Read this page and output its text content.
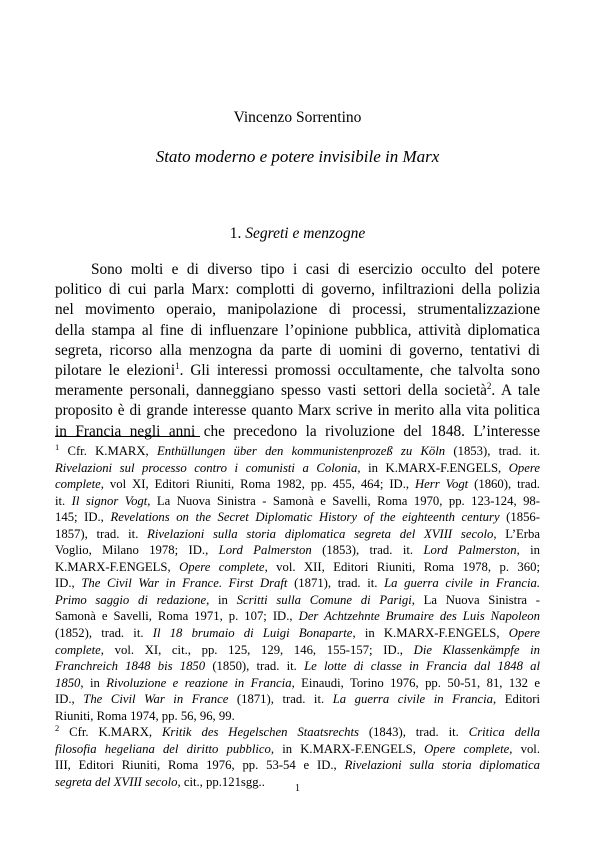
Vincenzo Sorrentino
Stato moderno e potere invisibile in Marx
1. Segreti e menzogne
Sono molti e di diverso tipo i casi di esercizio occulto del potere
politico di cui parla Marx: complotti di governo, infiltrazioni della polizia
nel movimento operaio, manipolazione di processi, strumentalizzazione
della stampa al fine di influenzare l’opinione pubblica, attività diplomatica
segreta, ricorso alla menzogna da parte di uomini di governo, tentativi di
pilotare le elezioni$^1$. Gli interessi promossi occultamente, che talvolta sono
meramente personali, danneggiano spesso vasti settori della società$^2$. A tale
proposito è di grande interesse quanto Marx scrive in merito alla vita politica
in Francia negli anni che precedono la rivoluzione del 1848. L’interesse
$^1$ Cfr. K.MARX, Enthüllungen über den kommunistenprozeß zu Köln (1853), trad. it.
Rivelazioni sul processo contro i comunisti a Colonia, in K.MARX-F.ENGELS, Opere
complete, vol XI, Editori Riuniti, Roma 1982, pp. 455, 464; ID., Herr Vogt (1860), trad.
it. Il signor Vogt, La Nuova Sinistra - Samonà e Savelli, Roma 1970, pp. 123-124, 98-
145; ID., Revelations on the Secret Diplomatic History of the eighteenth century (1856-
1857), trad. it. Rivelazioni sulla storia diplomatica segreta del XVIII secolo, L’Erba
Voglio, Milano 1978; ID., Lord Palmerston (1853), trad. it. Lord Palmerston, in
K.MARX-F.ENGELS, Opere complete, vol. XII, Editori Riuniti, Roma 1978, p. 360;
ID., The Civil War in France. First Draft (1871), trad. it. La guerra civile in Francia.
Primo saggio di redazione, in Scritti sulla Comune di Parigi, La Nuova Sinistra -
Samonà e Savelli, Roma 1971, p. 107; ID., Der Achtzehnte Brumaire des Luis Napoleon
(1852), trad. it. Il 18 brumaio di Luigi Bonaparte, in K.MARX-F.ENGELS, Opere
complete, vol. XI, cit., pp. 125, 129, 146, 155-157; ID., Die Klassenkämpfe in
Franchreich 1848 bis 1850 (1850), trad. it. Le lotte di classe in Francia dal 1848 al
1850, in Rivoluzione e reazione in Francia, Einaudi, Torino 1976, pp. 50-51, 81, 132 e
ID., The Civil War in France (1871), trad. it. La guerra civile in Francia, Editori
Riuniti, Roma 1974, pp. 56, 96, 99.
$^2$ Cfr. K.MARX, Kritik des Hegelschen Staatsrechts (1843), trad. it. Critica della
filosofia hegeliana del diritto pubblico, in K.MARX-F.ENGELS, Opere complete, vol.
III, Editori Riuniti, Roma 1976, pp. 53-54 e ID., Rivelazioni sulla storia diplomatica
segreta del XVIII secolo, cit., pp.121sgg..	1
